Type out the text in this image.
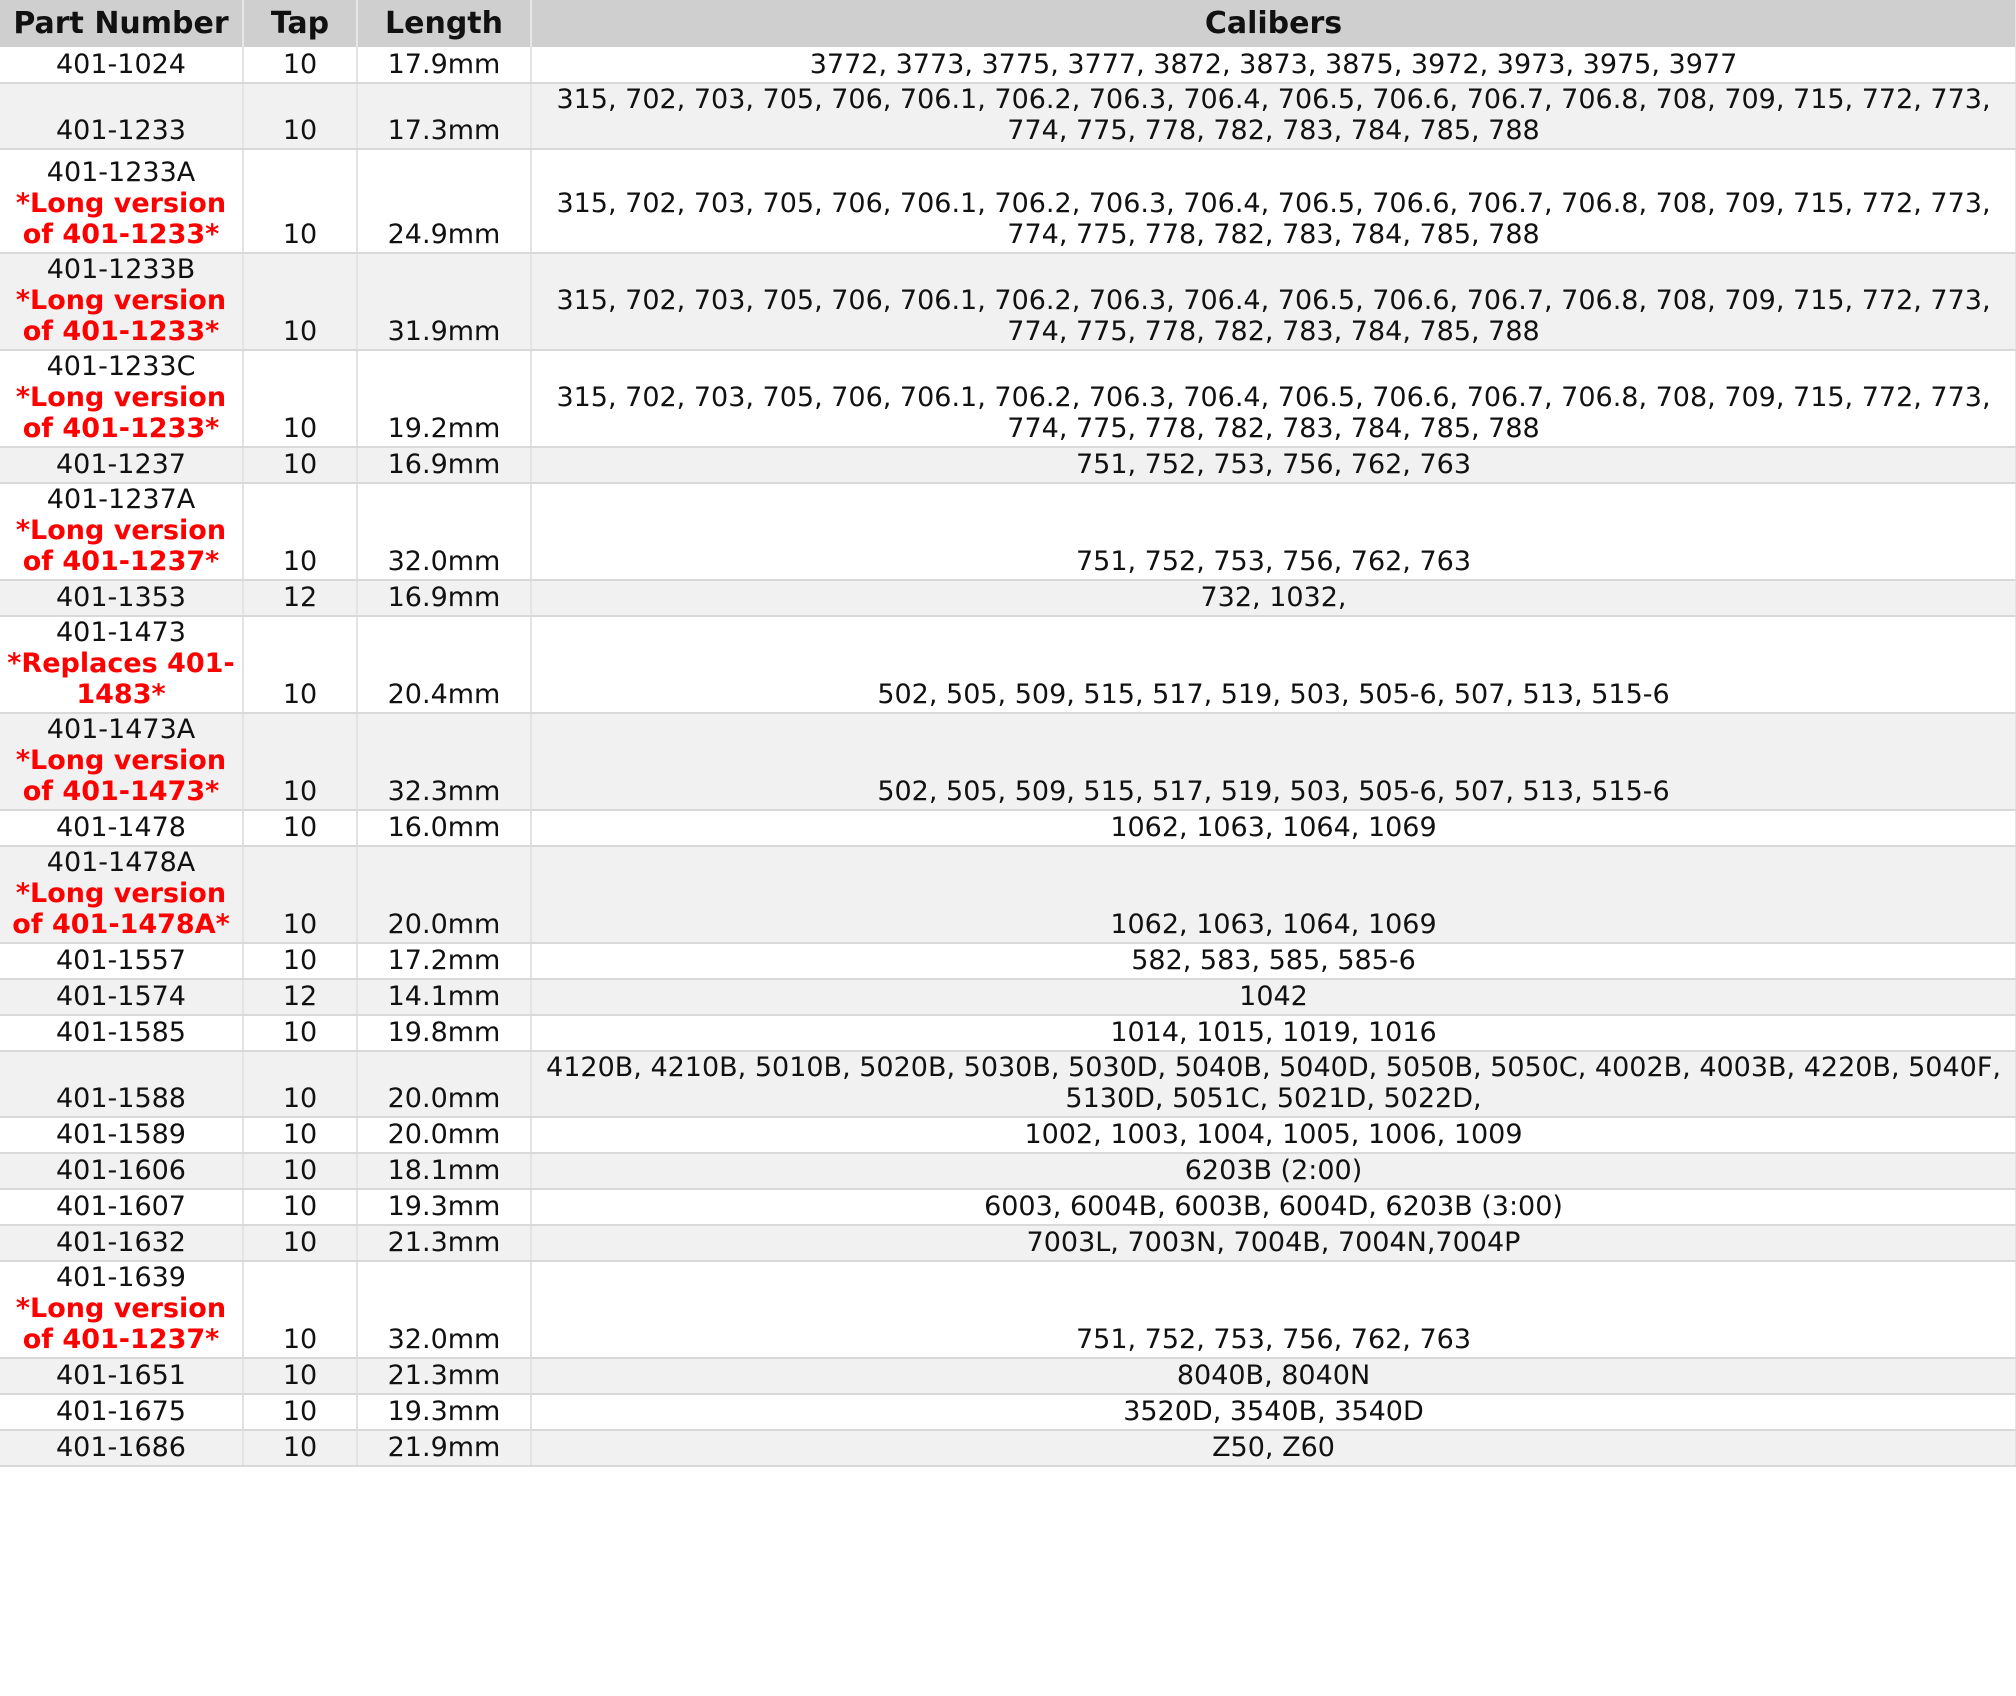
Part Number	Tap	Length	Calibers

401-1024	10	17.9mm	3772, 3773, 3775, 3777, 3872, 3873, 3875, 3972, 3973, 3975, 3977

401-1233	10	17.3mm	315, 702, 703, 705, 706, 706.1, 706.2, 706.3, 706.4, 706.5, 706.6, 706.7, 706.8, 708, 709, 715, 772, 773, 774, 775, 778, 782, 783, 784, 785, 788

401-1233A
*Long version of 401-1233*	10	24.9mm	315, 702, 703, 705, 706, 706.1, 706.2, 706.3, 706.4, 706.5, 706.6, 706.7, 706.8, 708, 709, 715, 772, 773, 774, 775, 778, 782, 783, 784, 785, 788

401-1233B
*Long version of 401-1233*	10	31.9mm	315, 702, 703, 705, 706, 706.1, 706.2, 706.3, 706.4, 706.5, 706.6, 706.7, 706.8, 708, 709, 715, 772, 773, 774, 775, 778, 782, 783, 784, 785, 788

401-1233C
*Long version of 401-1233*	10	19.2mm	315, 702, 703, 705, 706, 706.1, 706.2, 706.3, 706.4, 706.5, 706.6, 706.7, 706.8, 708, 709, 715, 772, 773, 774, 775, 778, 782, 783, 784, 785, 788

401-1237	10	16.9mm	751, 752, 753, 756, 762, 763

401-1237A
*Long version of 401-1237*	10	32.0mm	751, 752, 753, 756, 762, 763

401-1353	12	16.9mm	732, 1032,

401-1473
*Replaces 401-1483*	10	20.4mm	502, 505, 509, 515, 517, 519, 503, 505-6, 507, 513, 515-6

401-1473A
*Long version of 401-1473*	10	32.3mm	502, 505, 509, 515, 517, 519, 503, 505-6, 507, 513, 515-6

401-1478	10	16.0mm	1062, 1063, 1064, 1069

401-1478A
*Long version of 401-1478A*	10	20.0mm	1062, 1063, 1064, 1069

401-1557	10	17.2mm	582, 583, 585, 585-6

401-1574	12	14.1mm	1042

401-1585	10	19.8mm	1014, 1015, 1019, 1016

401-1588	10	20.0mm	4120B, 4210B, 5010B, 5020B, 5030B, 5030D, 5040B, 5040D, 5050B, 5050C, 4002B, 4003B, 4220B, 5040F, 5130D, 5051C, 5021D, 5022D,

401-1589	10	20.0mm	1002, 1003, 1004, 1005, 1006, 1009

401-1606	10	18.1mm	6203B (2:00)

401-1607	10	19.3mm	6003, 6004B, 6003B, 6004D, 6203B (3:00)

401-1632	10	21.3mm	7003L, 7003N, 7004B, 7004N,7004P

401-1639
*Long version of 401-1237*	10	32.0mm	751, 752, 753, 756, 762, 763

401-1651	10	21.3mm	8040B, 8040N

401-1675	10	19.3mm	3520D, 3540B, 3540D

401-1686	10	21.9mm	Z50, Z60
